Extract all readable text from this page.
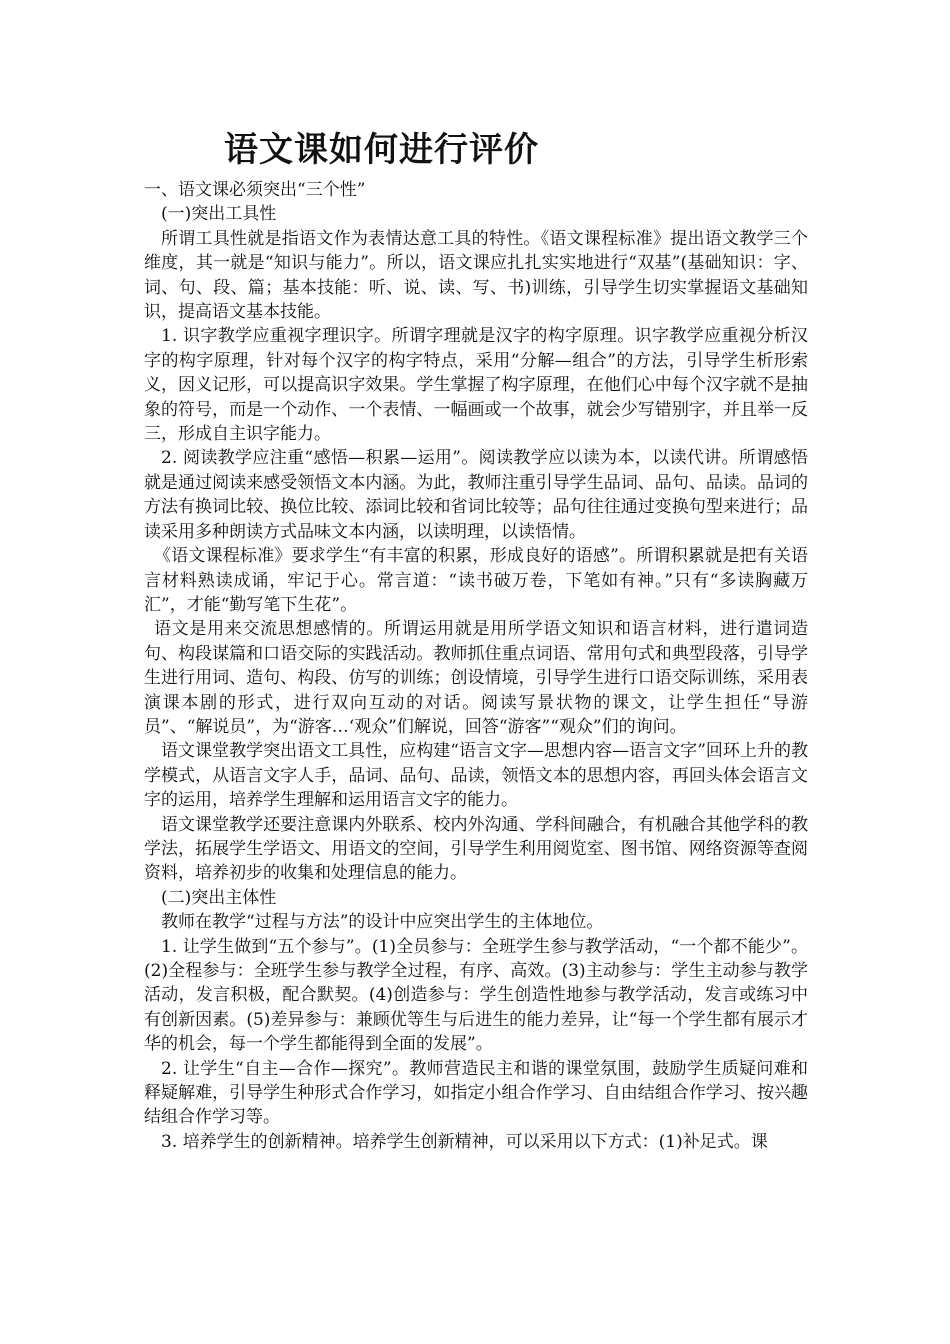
语文课如何进行评价

一、语文课必须突出“三个性”

(一)突出工具性

所谓工具性就是指语文作为表情达意工具的特性。《语文课程标准》提出语文教学三个维度，其一就是“知识与能力”。所以，语文课应扎扎实实地进行“双基”(基础知识：字、词、句、段、篇；基本技能：听、说、读、写、书)训练，引导学生切实掌握语文基础知识，提高语文基本技能。

1. 识字教学应重视字理识字。所谓字理就是汉字的构字原理。识字教学应重视分析汉字的构字原理，针对每个汉字的构字特点，采用“分解—组合”的方法，引导学生析形索义，因义记形，可以提高识字效果。学生掌握了构字原理，在他们心中每个汉字就不是抽象的符号，而是一个动作、一个表情、一幅画或一个故事，就会少写错别字，并且举一反三，形成自主识字能力。

2. 阅读教学应注重“感悟—积累—运用”。阅读教学应以读为本，以读代讲。所谓感悟就是通过阅读来感受领悟文本内涵。为此，教师注重引导学生品词、品句、品读。品词的方法有换词比较、换位比较、添词比较和省词比较等；品句往往通过变换句型来进行；品读采用多种朗读方式品味文本内涵，以读明理，以读悟情。

《语文课程标准》要求学生“有丰富的积累，形成良好的语感”。所谓积累就是把有关语言材料熟读成诵，牢记于心。常言道：“读书破万卷，下笔如有神。”只有“多读胸藏万汇”，才能“勤写笔下生花”。

语文是用来交流思想感情的。所谓运用就是用所学语文知识和语言材料，进行遣词造句、构段谋篇和口语交际的实践活动。教师抓住重点词语、常用句式和典型段落，引导学生进行用词、造句、构段、仿写的训练；创设情境，引导学生进行口语交际训练，采用表演课本剧的形式，进行双向互动的对话。阅读写景状物的课文，让学生担任“导游员”、“解说员”，为“游客…‘观众”们解说，回答“游客”“观众”们的询问。

语文课堂教学突出语文工具性，应构建“语言文字—思想内容—语言文字”回环上升的教学模式，从语言文字人手，品词、品句、品读，领悟文本的思想内容，再回头体会语言文字的运用，培养学生理解和运用语言文字的能力。

语文课堂教学还要注意课内外联系、校内外沟通、学科间融合，有机融合其他学科的教学法，拓展学生学语文、用语文的空间，引导学生利用阅览室、图书馆、网络资源等查阅资料，培养初步的收集和处理信息的能力。

(二)突出主体性

教师在教学“过程与方法”的设计中应突出学生的主体地位。

1. 让学生做到“五个参与”。(1)全员参与：全班学生参与教学活动，“一个都不能少”。(2)全程参与：全班学生参与教学全过程，有序、高效。(3)主动参与：学生主动参与教学活动，发言积极，配合默契。(4)创造参与：学生创造性地参与教学活动，发言或练习中有创新因素。(5)差异参与：兼顾优等生与后进生的能力差异，让“每一个学生都有展示才华的机会，每一个学生都能得到全面的发展”。

2. 让学生“自主—合作—探究”。教师营造民主和谐的课堂氛围，鼓励学生质疑问难和释疑解难，引导学生种形式合作学习，如指定小组合作学习、自由结组合作学习、按兴趣结组合作学习等。

3. 培养学生的创新精神。培养学生创新精神，可以采用以下方式：(1)补足式。课
